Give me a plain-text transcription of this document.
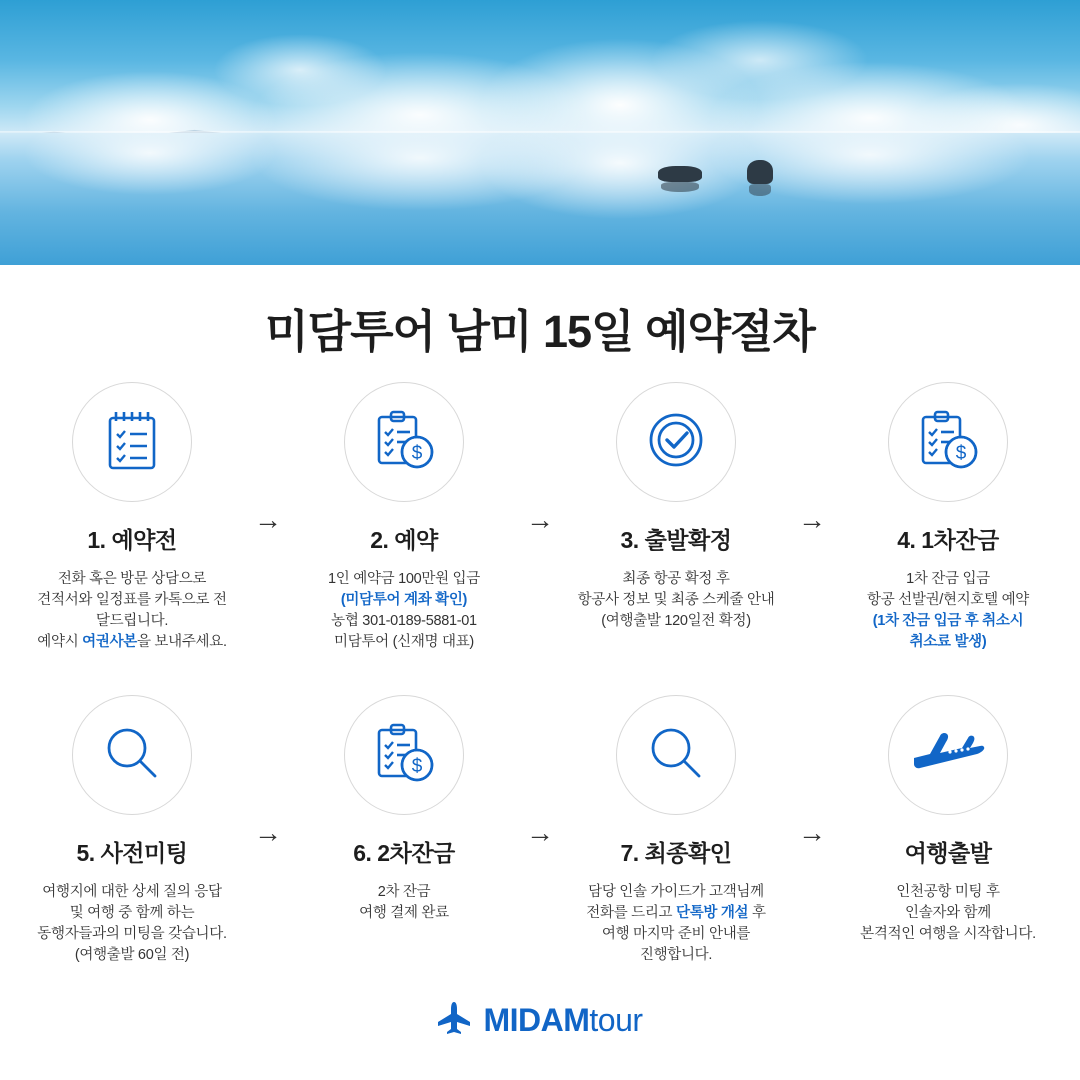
미담투어 남미 15일 예약절차
1. 예약전
전화 혹은 방문 상담으로
견적서와 일정표를 카톡으로 전
달드립니다.
예약시 여권사본을 보내주세요.
→
$
2. 예약
1인 예약금 100만원 입금
(미담투어 계좌 확인)
농협 301-0189-5881-01
미담투어 (신재명 대표)
→
3. 출발확정
최종 항공 확정 후
항공사 정보 및 최종 스케줄 안내
(여행출발 120일전 확정)
→
$
4. 1차잔금
1차 잔금 입금
항공 선발권/현지호텔 예약
(1차 잔금 입금 후 취소시
취소료 발생)
5. 사전미팅
여행지에 대한 상세 질의 응답
및 여행 중 함께 하는
동행자들과의 미팅을 갖습니다.
(여행출발 60일 전)
→
$
6. 2차잔금
2차 잔금
여행 결제 완료
→
7. 최종확인
담당 인솔 가이드가 고객님께
전화를 드리고 단톡방 개설 후
여행 마지막 준비 안내를
진행합니다.
→
여행출발
인천공항 미팅 후
인솔자와 함께
본격적인 여행을 시작합니다.
MIDAMtour
